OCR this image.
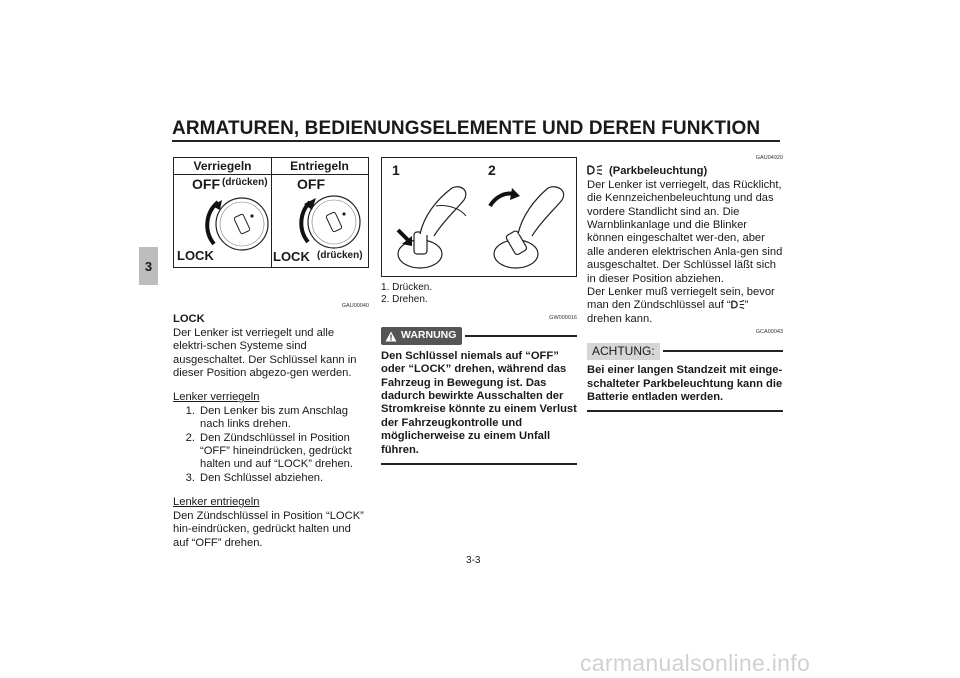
ARMATUREN, BEDIENUNGSELEMENTE UND DEREN FUNKTION
3
Verriegeln	Entriegeln
OFF (drücken)
LOCK
OFF
LOCK (drücken)
1	2
GAU00040
LOCK
Der Lenker ist verriegelt und alle elektri-schen Systeme sind ausgeschaltet. Der Schlüssel kann in dieser Position abgezo-gen werden.
Lenker verriegeln
1. Den Lenker bis zum Anschlag nach links drehen.
2. Den Zündschlüssel in Position “OFF” hineindrücken, gedrückt halten und auf “LOCK” drehen.
3. Den Schlüssel abziehen.
Lenker entriegeln
Den Zündschlüssel in Position “LOCK” hin-eindrücken, gedrückt halten und auf “OFF” drehen.
1. Drücken.
2. Drehen.
GW000016
WARNUNG
Den Schlüssel niemals auf “OFF” oder “LOCK” drehen, während das Fahrzeug in Bewegung ist. Das dadurch bewirkte Ausschalten der Stromkreise könnte zu einem Verlust der Fahrzeugkontrolle und möglicherweise zu einem Unfall führen.
GAU04920
(Parkbeleuchtung)
Der Lenker ist verriegelt, das Rücklicht, die Kennzeichenbeleuchtung und das vordere Standlicht sind an. Die Warnblinkanlage und die Blinker können eingeschaltet wer-den, aber alle anderen elektrischen Anla-gen sind ausgeschaltet. Der Schlüssel läßt sich in dieser Position abziehen.
Der Lenker muß verriegelt sein, bevor man den Zündschlüssel auf “ ” drehen kann.
GCA00043
ACHTUNG:
Bei einer langen Standzeit mit einge-schalteter Parkbeleuchtung kann die Batterie entladen werden.
3-3
carmanualsonline.info
